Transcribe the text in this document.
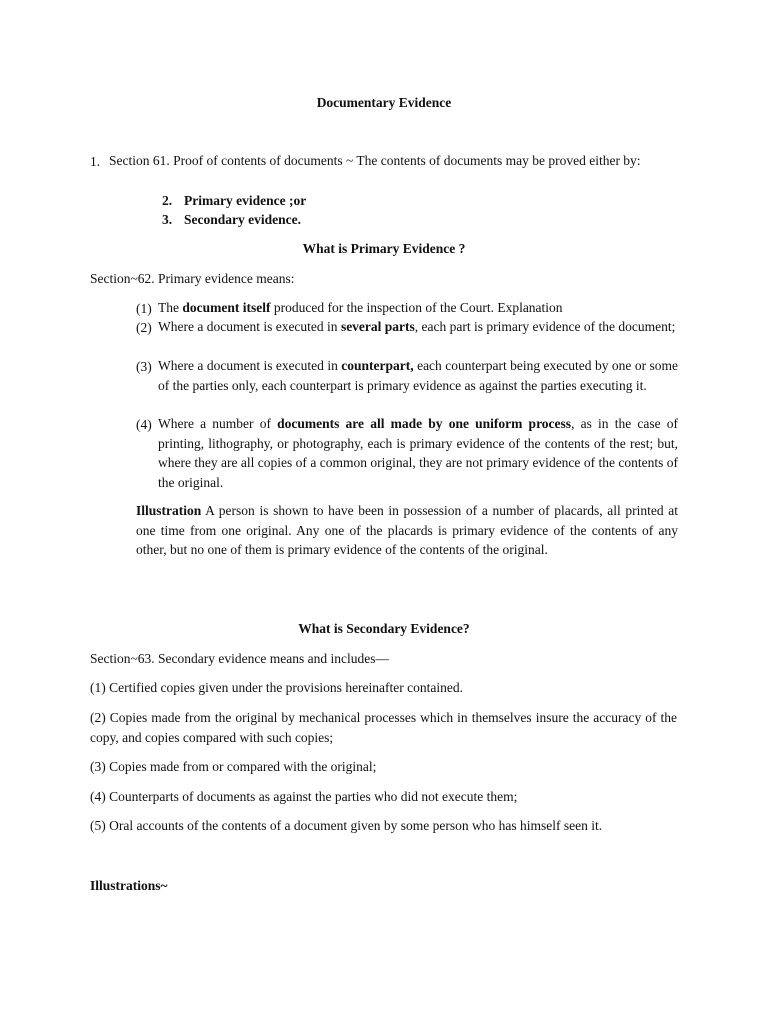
Documentary Evidence
1. Section 61. Proof of contents of documents ~ The contents of documents may be proved either by:

2. Primary evidence ;or
3. Secondary evidence.
What is Primary Evidence ?
Section~62. Primary evidence means:
(1) The document itself produced for the inspection of the Court. Explanation

(2) Where a document is executed in several parts, each part is primary evidence of the document;

(3) Where a document is executed in counterpart, each counterpart being executed by one or some of the parties only, each counterpart is primary evidence as against the parties executing it.

(4) Where a number of documents are all made by one uniform process, as in the case of printing, lithography, or photography, each is primary evidence of the contents of the rest; but, where they are all copies of a common original, they are not primary evidence of the contents of the original.

Illustration A person is shown to have been in possession of a number of placards, all printed at one time from one original. Any one of the placards is primary evidence of the contents of any other, but no one of them is primary evidence of the contents of the original.

What is Secondary Evidence?
Section~63. Secondary evidence means and includes—

(1) Certified copies given under the provisions hereinafter contained.

(2) Copies made from the original by mechanical processes which in themselves insure the accuracy of the copy, and copies compared with such copies;

(3) Copies made from or compared with the original;

(4) Counterparts of documents as against the parties who did not execute them;

(5) Oral accounts of the contents of a document given by some person who has himself seen it.

Illustrations~
